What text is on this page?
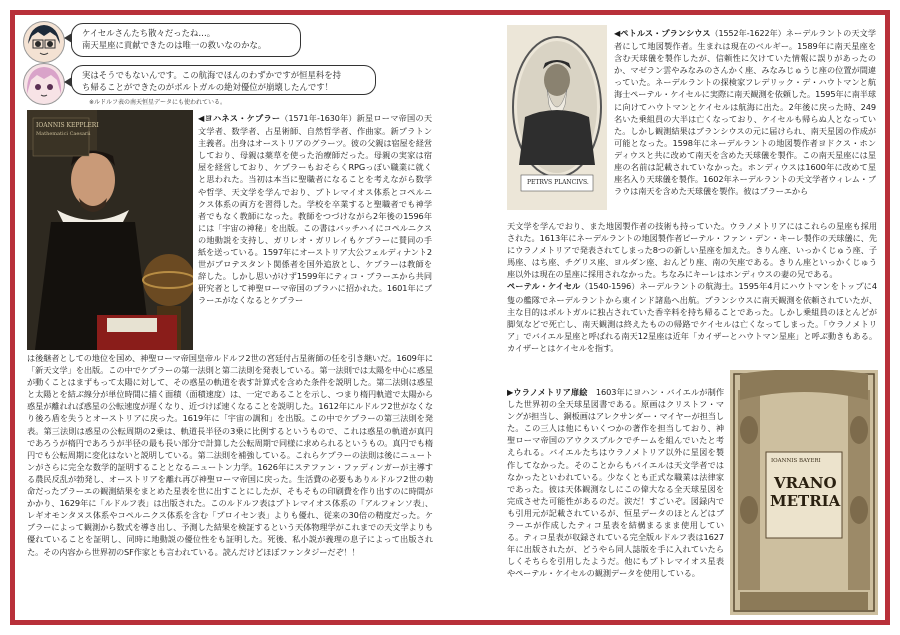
ケイセルさんたち散々だったね…。
南天星座に貢献できたのは唯一の救いなのかな。
実はそうでもないんです。この航海でほんのわずかですが恒星科を持
ち帰ることができたのがポルトガルの絶対優位が崩壊したんです！
※ルドルフ表の南天恒星データにも使われている。
IOANNIS KEPPLERI
Mathematici Caesarii
◀ヨハネス・ケプラー（1571年-1630年）新星ローマ帝国の天文学者、数学者、占星術師、自然哲学者、作曲家。新プラトン主義者。出身はオーストリアのグラーツ。彼の父親は宿屋を経営しており、母親は薬草を使った治療師だった。母親の実家は宿屋を経営しており、ケプラーもおそらくRPGっぽい職業に就くと思われた。当初は本当に聖職者になることを考えながら数学や哲学、天文学を学んでおり、プトレマイオス体系とコペルニクス体系の両方を習得した。学校を卒業すると聖職者でも神学者でもなく教師になった。教師をつづけながら2年後の1596年には「宇宙の神秘」を出版。この書はバッチハイにコペルニクスの地動説を支持し、ガリレオ・ガリレイもケプラーに賛同の手紙を送っている。1597年にオーストリア大公フェルディナント2世がプロテスタント関係者を国外追放とし、ケプラーは教師を辞した。しかし思いがけず1599年にティコ・ブラーエから共同研究者として神聖ローマ帝国のプラハに招かれた。1601年にブラーエがなくなるとケプラー
は後継者としての地位を国め、神聖ローマ帝国皇帝ルドルフ2世の宮廷付占星術師の任を引き継いだ。1609年に「新天文学」を出版。この中でケプラーの第一法則と第二法則を発表している。第一法則では太陽を中心に惑星が動くことはまずもって太陽に対して、その惑星の軌道を表す計算式を含めた条件を説明した。第二法則は惑星と太陽とを結ぶ線分が単位時間に描く面積（面積速度）は、一定であることを示し、つまり楕円軌道で太陽から惑星が離れれば惑星の公転速度が遅くなり、近づけば速くなることを説明した。1612年にルドルフ2世がなくなり後ろ盾を失うとオーストリアに戻った。1619年に「宇宙の調和」を出版。この中でケプラーの第三法則を発表。第三法則は惑星の公転周期の2乗は、軌道長半径の3乗に比例するというもので、これは惑星の軌道が真円であろうが楕円であろうが半径の最も長い部分で計算した公転周期で同様に求められるというもの。真円でも楕円でも公転周期に変化はないと説明している。第二法則を補強している。これらケプラーの法則は後にニュートンがさらに完全な数学的証明することとなるニュートン力学。1626年にステファン・ファディンガーが主導する農民反乱が勃発し、オーストリアを離れ再び神聖ローマ帝国に戻った。生活費の必要もありルドルフ2世の勅命だったプラーエの観測結果をまとめた星表を世に出すことにしたが、そもそもの印刷費を作り出すのに時間がかかり、1629年に「ルドルフ表」は出版された。このルドルフ表はプトレマイオス体系の「アルフォンソ表」、レギオモンタヌス体系やコペルニクス体系を含む「プロイセン表」よりも優れ、従来の30倍の精度だった。ケプラーによって観測から数式を導き出し、予測した結果を検証するという天体物理学がこれまでの天文学よりも優れていることを証明し、同時に地動説の優位性をも証明した。死後、私小説が義理の息子によって出版された。その内容から世界初のSF作家とも言われている。読んだけどほぼファンタジーだぞ！！
PETRVS PLANCIVS.
◀ペトルス・プランシウス（1552年-1622年）ネーデルラントの天文学者にして地図製作者。生まれは現在のベルギー。1589年に南天星座を含む天球儀を製作したが、信頼性に欠けていた情報に誤りがあったのか、マゼラン雲やみなみのさんかく座、みなみじゅうじ座の位置が間違っていた。ネーデルラントの探検家フレデリック・デ・ハウトマンと航海士ペーテル・ケイセルに実際に南天観測を依頼した。1595年に南半球に向けてハウトマンとケイセルは航海に出た。2年後に戻った時、249名いた乗組員の大半は亡くなっており、ケイセルも帰らぬ人となっていた。しかし観測結果はプランシウスの元に届けられ、南天星図の作成が可能となった。1598年にネーデルラントの地図製作者ヨドクス・ホンディウスと共に改めて南天を含めた天球儀を製作。この南天星座には星座の名前は記載されていなかった。ホンディウスは1600年に改めて星座名入り天球儀を製作。1602年ネーデルラントの天文学者ウィレム・ブラウは南天を含めた天球儀を製作。彼はブラーエから
天文学を学んでおり、また地図製作者の技術も持っていた。ウラノメトリアにはこれらの星座も採用された。1613年にネーデルラントの地図製作者ピーテル・ファン・デン・キーレ製作の天球儀に、先にウラノメトリアで発表されてしまった8つの新しい星座を加えた。きりん座、いっかくじゅう座、子馬座、はち座、チグリス座、ヨルダン座、おんどり座、南の矢座である。きりん座といっかくじゅう座以外は現在の星座に採用されなかった。ちなみにキーレはホンディウスの妻の兄である。
ペーテル・ケイセル（1540-1596）ネーデルラントの航海士。1595年4月にハウトマンをトップに4隻の艦隊でネーデルラントから東インド諸島へ出航。プランシウスに南天観測を依頼されていたが、主な目的はポルトガルに独占されていた香辛料を持ち帰ることであった。しかし乗組員のほとんどが脚気などで死亡し、南天観測は終えたものの帰路でケイセルは亡くなってしまった。「ウラノメトリア」でバイエル星座と呼ばれる南天12星座は近年「カイザーとハウトマン星座」と呼ぶ動きもある。カイザーとはケイセルを指す。
▶ウラノメトリア扉絵　 1603年にヨハン・バイエルが制作した世界初の全天球星図書である。原画はクリストフ・マングが担当し、銅板画はアレクサンダー・マイヤーが担当した。この三人は他にもいくつかの著作を担当しており、神聖ローマ帝国のアウクスブルクでチームを組んでいたと考えられる。バイエルたちはウラノメトリア以外に星図を製作してなかった。そのことからもバイエルは天文学者ではなかったといわれている。少なくとも正式な職業は法律家であった。彼は天体観測なしにこの偉大なる全天球星図を完成させた可能性があるのだ。涙だ！すごいぞ。図録内でも引用元が記載されているが、恒星データのほとんどはブラーエが作成したティコ星表を結構まるまま使用している。ティコ星表が収録されている完全版ルドルフ表は1627年に出版されたが、どうやら同人誌版を手に入れていたらしくそちらを引用したようだ。他にもプトレマイオス星表やペーテル・ケイセルの観測データを使用している。
IOANNIS BAYERI
VRANO
METRIA
